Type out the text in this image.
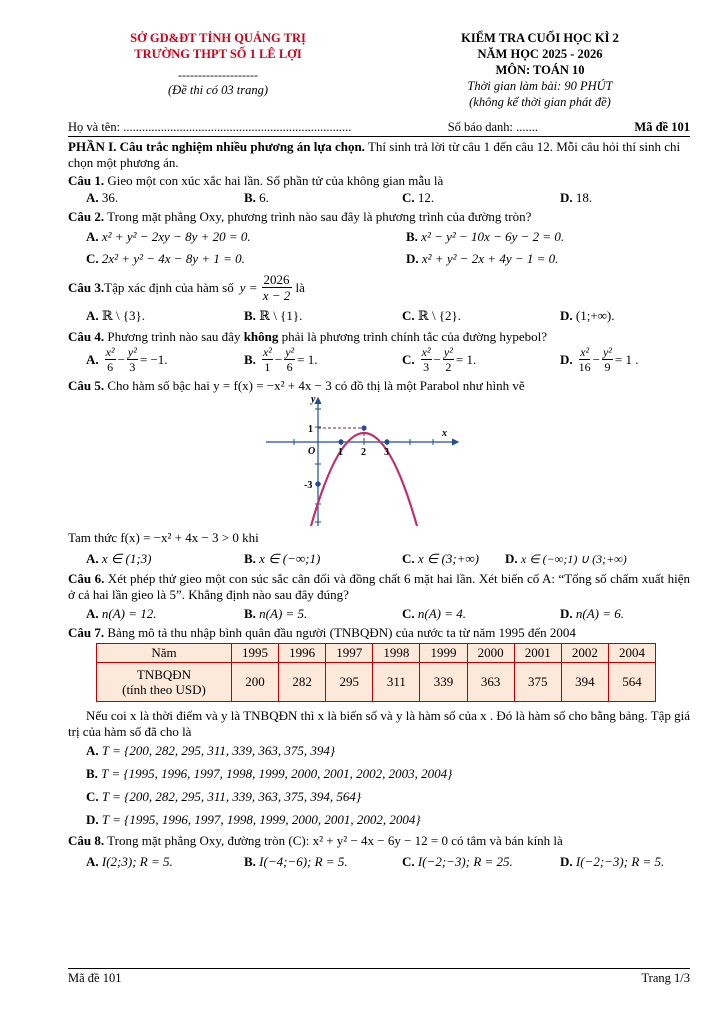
SỞ GD&ĐT TỈNH QUẢNG TRỊ
TRƯỜNG THPT SỐ 1 LÊ LỢI
--------------------
(Đề thi có 03 trang)
KIỂM TRA CUỐI HỌC KÌ 2
NĂM HỌC 2025 - 2026
MÔN: TOÁN 10
Thời gian làm bài: 90 PHÚT
(không kể thời gian phát đề)
Họ và tên: .........................................................................	Số báo danh: .......	Mã đề 101
PHẦN I. Câu trắc nghiệm nhiều phương án lựa chọn. Thí sinh trả lời từ câu 1 đến câu 12. Mỗi câu hỏi thí sinh chỉ chọn một phương án.
Câu 1. Gieo một con xúc xắc hai lần. Số phần tử của không gian mẫu là
A. 36.	B. 6.	C. 12.	D. 18.
Câu 2. Trong mặt phẳng Oxy, phương trình nào sau đây là phương trình của đường tròn?
A. x² + y² − 2xy − 8y + 20 = 0.	B. x² − y² − 10x − 6y − 2 = 0.
C. 2x² + y² − 4x − 8y + 1 = 0.	D. x² + y² − 2x + 4y − 1 = 0.
Câu 3. Tập xác định của hàm số $y = \frac{2026}{x - 2}$ là
A. ℝ \ {3}.	B. ℝ \ {1}.	C. ℝ \ {2}.	D. (1;+∞).
Câu 4. Phương trình nào sau đây không phải là phương trình chính tắc của đường hypebol?
A. x²
6
− $\frac{\text{y²}}{3} = -1$.	B. x²
1
− $\frac{\text{y²}}{6} = 1$.	C. x²
3
− $\frac{\text{y²}}{2} = 1$.	D. x²
16
− $\frac{\text{y²}}{9} = 1$ .
Câu 5. Cho hàm số bậc hai y = f(x) = −x² + 4x − 3 có đồ thị là một Parabol như hình vẽ
y
x
O 1 2 3
1
-3
Tam thức f(x) = −x² + 4x − 3 > 0 khi
A. x ∈ (1;3)	B. x ∈ (−∞;1)	C. x ∈ (3;+∞)	D. x ∈ (−∞;1) ∪ (3;+∞)
Câu 6. Xét phép thử gieo một con súc sắc cân đối và đồng chất 6 mặt hai lần. Xét biến cố A: “Tổng số chấm xuất hiện ở cả hai lần gieo là 5”. Khẳng định nào sau đây đúng?
A. n(A) = 12.	B. n(A) = 5.	C. n(A) = 4.	D. n(A) = 6.
Câu 7. Bảng mô tả thu nhập bình quân đầu người (TNBQĐN) của nước ta từ năm 1995 đến 2004
Năm	1995	1996	1997	1998	1999	2000	2001	2002	2004
TNBQĐN
(tính theo USD)	200	282	295	311	339	363	375	394	564
Nếu coi x là thời điểm và y là TNBQĐN thì x là biến số và y là hàm số của x . Đó là hàm số cho bằng bảng. Tập giá trị của hàm số đã cho là
A.
T = {200, 282, 295, 311, 339, 363, 375, 394}
B.
T = {1995, 1996, 1997, 1998, 1999, 2000, 2001, 2002, 2003, 2004}
C.
T = {200, 282, 295, 311, 339, 363, 375, 394, 564}
D.
T = {1995, 1996, 1997, 1998, 1999, 2000, 2001, 2002, 2004}
Câu 8. Trong mặt phẳng Oxy, đường tròn (C): x² + y² − 4x − 6y − 12 = 0 có tâm và bán kính là
A. I(2;3); R = 5.	B. I(−4;−6); R = 5.	C. I(−2;−3); R = 25.	D. I(−2;−3); R = 5.
Mã đề 101	Trang 1/3
